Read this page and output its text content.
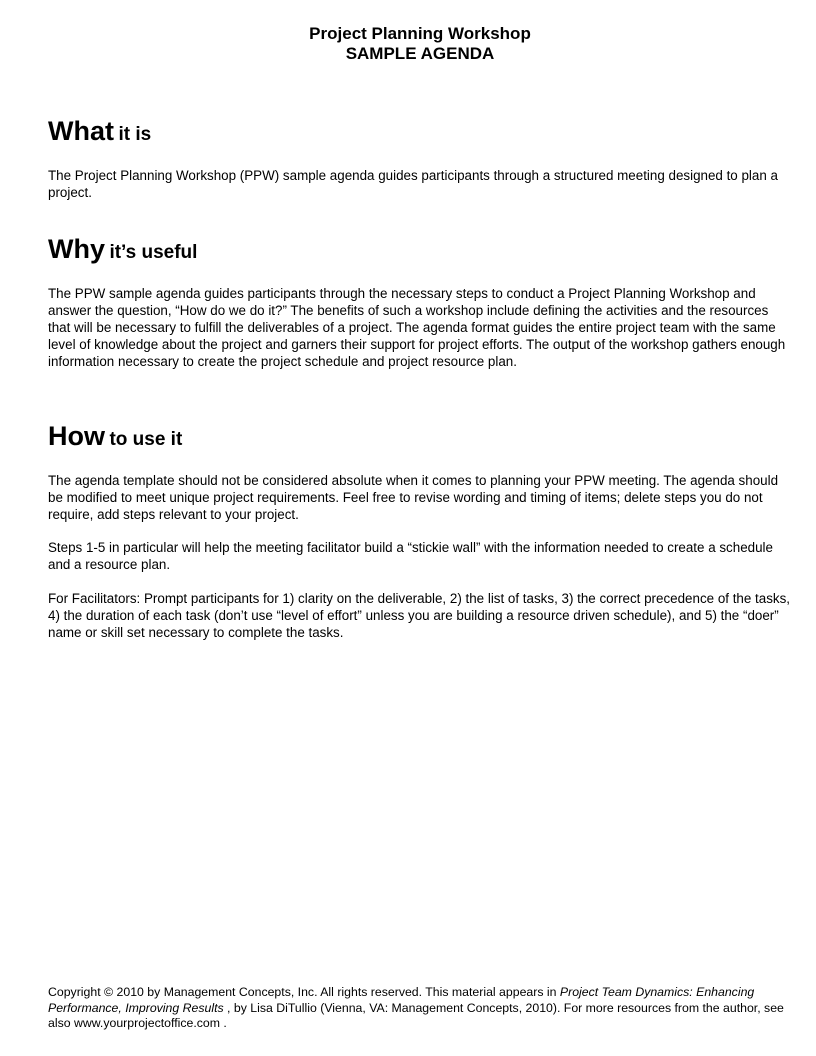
Project Planning Workshop
SAMPLE AGENDA
What it is

The Project Planning Workshop (PPW) sample agenda guides participants through a structured meeting designed to plan a project.

Why it’s useful

The PPW sample agenda guides participants through the necessary steps to conduct a Project Planning Workshop and answer the question, “How do we do it?” The benefits of such a workshop include defining the activities and the resources that will be necessary to fulfill the deliverables of a project. The agenda format guides the entire project team with the same level of knowledge about the project and garners their support for project efforts. The output of the workshop gathers enough information necessary to create the project schedule and project resource plan.

How to use it

The agenda template should not be considered absolute when it comes to planning your PPW meeting. The agenda should be modified to meet unique project requirements. Feel free to revise wording and timing of items; delete steps you do not require, add steps relevant to your project.

Steps 1-5 in particular will help the meeting facilitator build a “stickie wall” with the information needed to create a schedule and a resource plan.

For Facilitators: Prompt participants for 1) clarity on the deliverable, 2) the list of tasks, 3) the correct precedence of the tasks, 4) the duration of each task (don’t use “level of effort” unless you are building a resource driven schedule), and 5) the “doer” name or skill set necessary to complete the tasks.

Copyright © 2010 by Management Concepts, Inc. All rights reserved. This material appears in Project Team Dynamics: Enhancing Performance, Improving Results , by Lisa DiTullio (Vienna, VA: Management Concepts, 2010). For more resources from the author, see also www.yourprojectoffice.com .
